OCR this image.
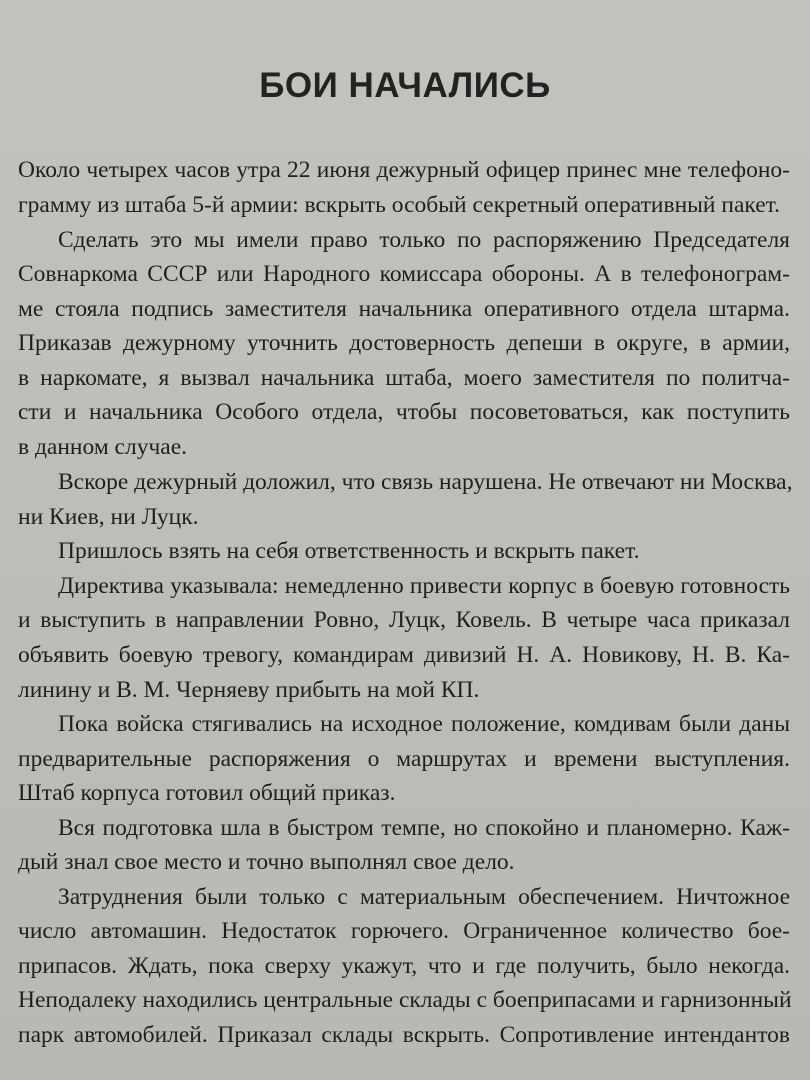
БОИ НАЧАЛИСЬ
Около четырех часов утра 22 июня дежурный офицер принес мне телефоно-
грамму из штаба 5-й армии: вскрыть особый секретный оперативный пакет.
Сделать это мы имели право только по распоряжению Председателя
Совнаркома СССР или Народного комиссара обороны. А в телефонограм-
ме стояла подпись заместителя начальника оперативного отдела штарма.
Приказав дежурному уточнить достоверность депеши в округе, в армии,
в наркомате, я вызвал начальника штаба, моего заместителя по политча-
сти и начальника Особого отдела, чтобы посоветоваться, как поступить
в данном случае.
Вскоре дежурный доложил, что связь нарушена. Не отвечают ни Москва,
ни Киев, ни Луцк.
Пришлось взять на себя ответственность и вскрыть пакет.
Директива указывала: немедленно привести корпус в боевую готовность
и выступить в направлении Ровно, Луцк, Ковель. В четыре часа приказал
объявить боевую тревогу, командирам дивизий Н. А. Новикову, Н. В. Ка-
линину и В. М. Черняеву прибыть на мой КП.
Пока войска стягивались на исходное положение, комдивам были даны
предварительные распоряжения о маршрутах и времени выступления.
Штаб корпуса готовил общий приказ.
Вся подготовка шла в быстром темпе, но спокойно и планомерно. Каж-
дый знал свое место и точно выполнял свое дело.
Затруднения были только с материальным обеспечением. Ничтожное
число автомашин. Недостаток горючего. Ограниченное количество бое-
припасов. Ждать, пока сверху укажут, что и где получить, было некогда.
Неподалеку находились центральные склады с боеприпасами и гарнизонный
парк автомобилей. Приказал склады вскрыть. Сопротивление интендантов
